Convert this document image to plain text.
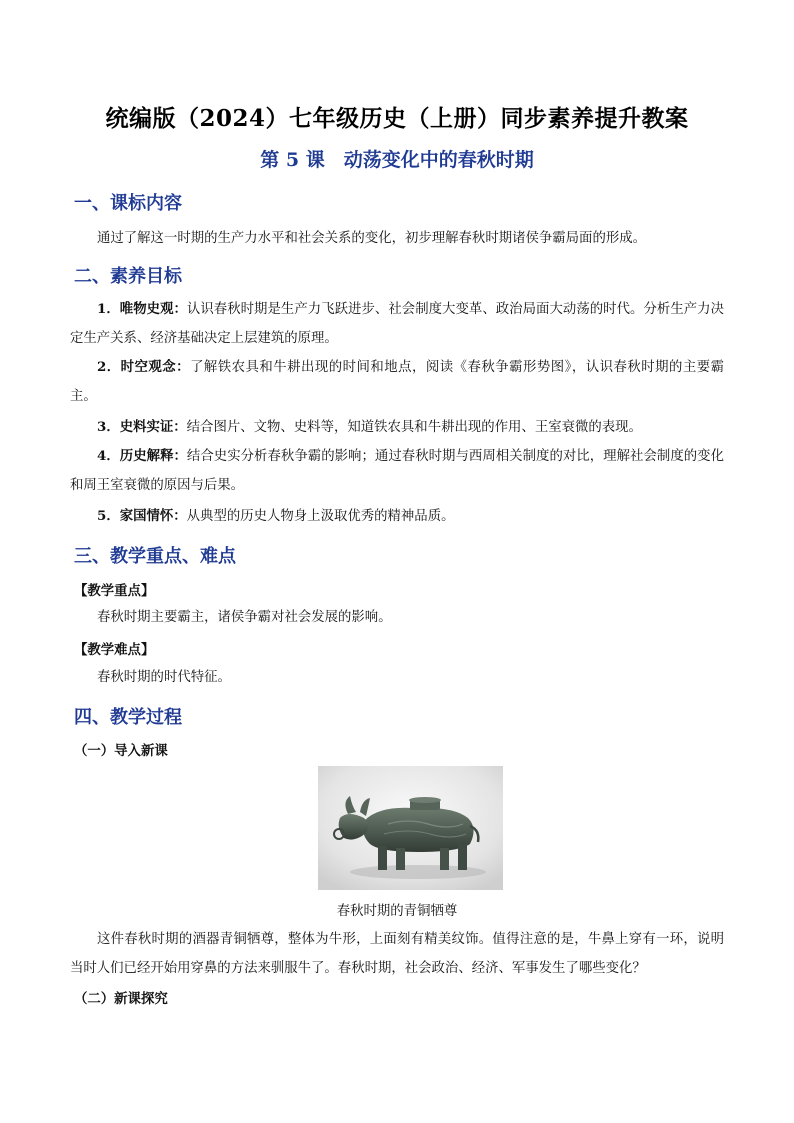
统编版（2024）七年级历史（上册）同步素养提升教案
第 5 课　动荡变化中的春秋时期
一、课标内容
通过了解这一时期的生产力水平和社会关系的变化，初步理解春秋时期诸侯争霸局面的形成。
二、素养目标
1．唯物史观：认识春秋时期是生产力飞跃进步、社会制度大变革、政治局面大动荡的时代。分析生产力决定生产关系、经济基础决定上层建筑的原理。
2．时空观念：了解铁农具和牛耕出现的时间和地点，阅读《春秋争霸形势图》，认识春秋时期的主要霸主。
3．史料实证：结合图片、文物、史料等，知道铁农具和牛耕出现的作用、王室衰微的表现。
4．历史解释：结合史实分析春秋争霸的影响；通过春秋时期与西周相关制度的对比，理解社会制度的变化和周王室衰微的原因与后果。
5．家国情怀：从典型的历史人物身上汲取优秀的精神品质。
三、教学重点、难点
【教学重点】
春秋时期主要霸主，诸侯争霸对社会发展的影响。
【教学难点】
春秋时期的时代特征。
四、教学过程
（一）导入新课
春秋时期的青铜牺尊
这件春秋时期的酒器青铜牺尊，整体为牛形，上面刻有精美纹饰。值得注意的是，牛鼻上穿有一环，说明当时人们已经开始用穿鼻的方法来驯服牛了。春秋时期，社会政治、经济、军事发生了哪些变化？
（二）新课探究
